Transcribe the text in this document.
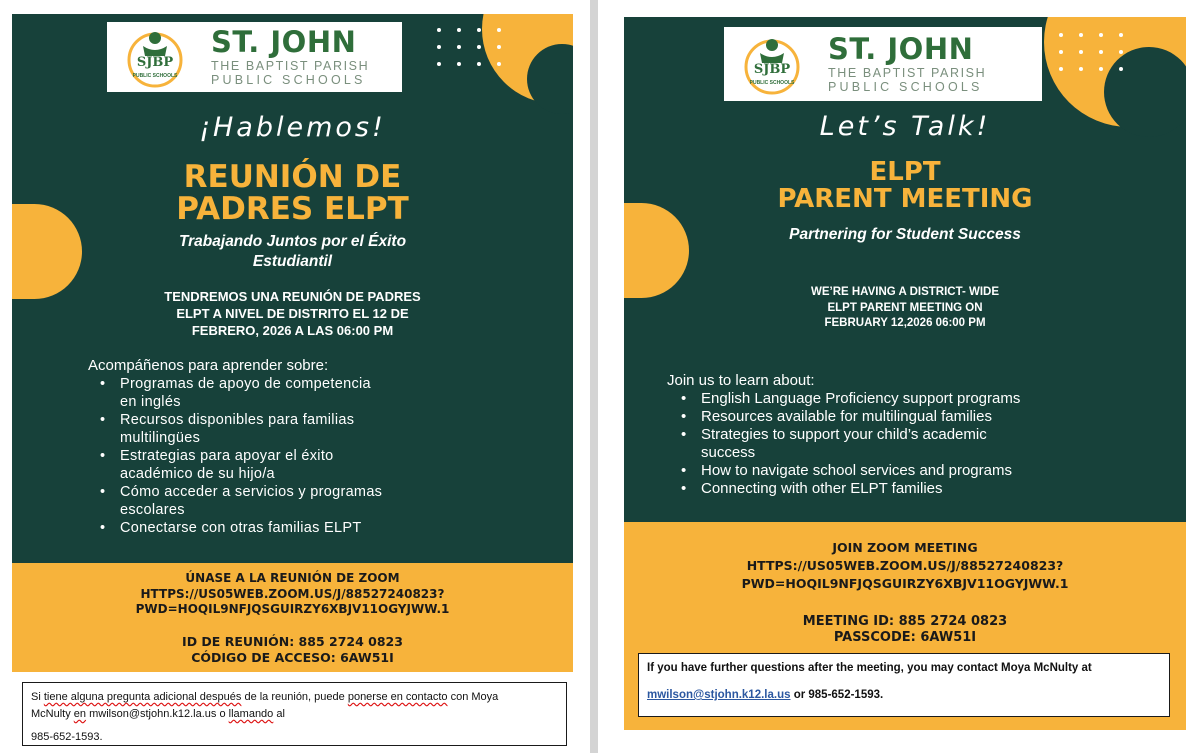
SJBP
PUBLIC SCHOOLS
ST. JOHN
THE BAPTIST PARISH
PUBLIC SCHOOLS
¡Hablemos!
REUNIÓN DE
PADRES ELPT
Trabajando Juntos por el Éxito
Estudiantil
TENDREMOS UNA REUNIÓN DE PADRES
ELPT A NIVEL DE DISTRITO EL 12 DE
FEBRERO, 2026 A LAS 06:00 PM
Acompáñenos para aprender sobre:
• Programas de apoyo de competencia
en inglés
• Recursos disponibles para familias
multilingües
• Estrategias para apoyar el éxito
académico de su hijo/a
• Cómo acceder a servicios y programas
escolares
• Conectarse con otras familias ELPT
ÚNASE A LA REUNIÓN DE ZOOM
HTTPS://US05WEB.ZOOM.US/J/88527240823?
PWD=HOQIL9NFJQSGUIRZY6XBJV11OGYJWW.1
ID DE REUNIÓN: 885 2724 0823
CÓDIGO DE ACCESO: 6AW51I
Si tiene alguna pregunta adicional después de la reunión, puede ponerse en contacto con Moya
McNulty en mwilson@stjohn.k12.la.us o llamando al
985-652-1593.
SJBP
PUBLIC SCHOOLS
ST. JOHN
THE BAPTIST PARISH
PUBLIC SCHOOLS
Let’s Talk!
ELPT
PARENT MEETING
Partnering for Student Success
WE’RE HAVING A DISTRICT- WIDE
ELPT PARENT MEETING ON
FEBRUARY 12,2026 06:00 PM
Join us to learn about:
• English Language Proficiency support programs
• Resources available for multilingual families
• Strategies to support your child’s academic
success
• How to navigate school services and programs
• Connecting with other ELPT families
JOIN ZOOM MEETING
HTTPS://US05WEB.ZOOM.US/J/88527240823?
PWD=HOQIL9NFJQSGUIRZY6XBJV11OGYJWW.1
MEETING ID: 885 2724 0823
PASSCODE: 6AW51I
If you have further questions after the meeting, you may contact Moya McNulty at
mwilson@stjohn.k12.la.us or 985-652-1593.
